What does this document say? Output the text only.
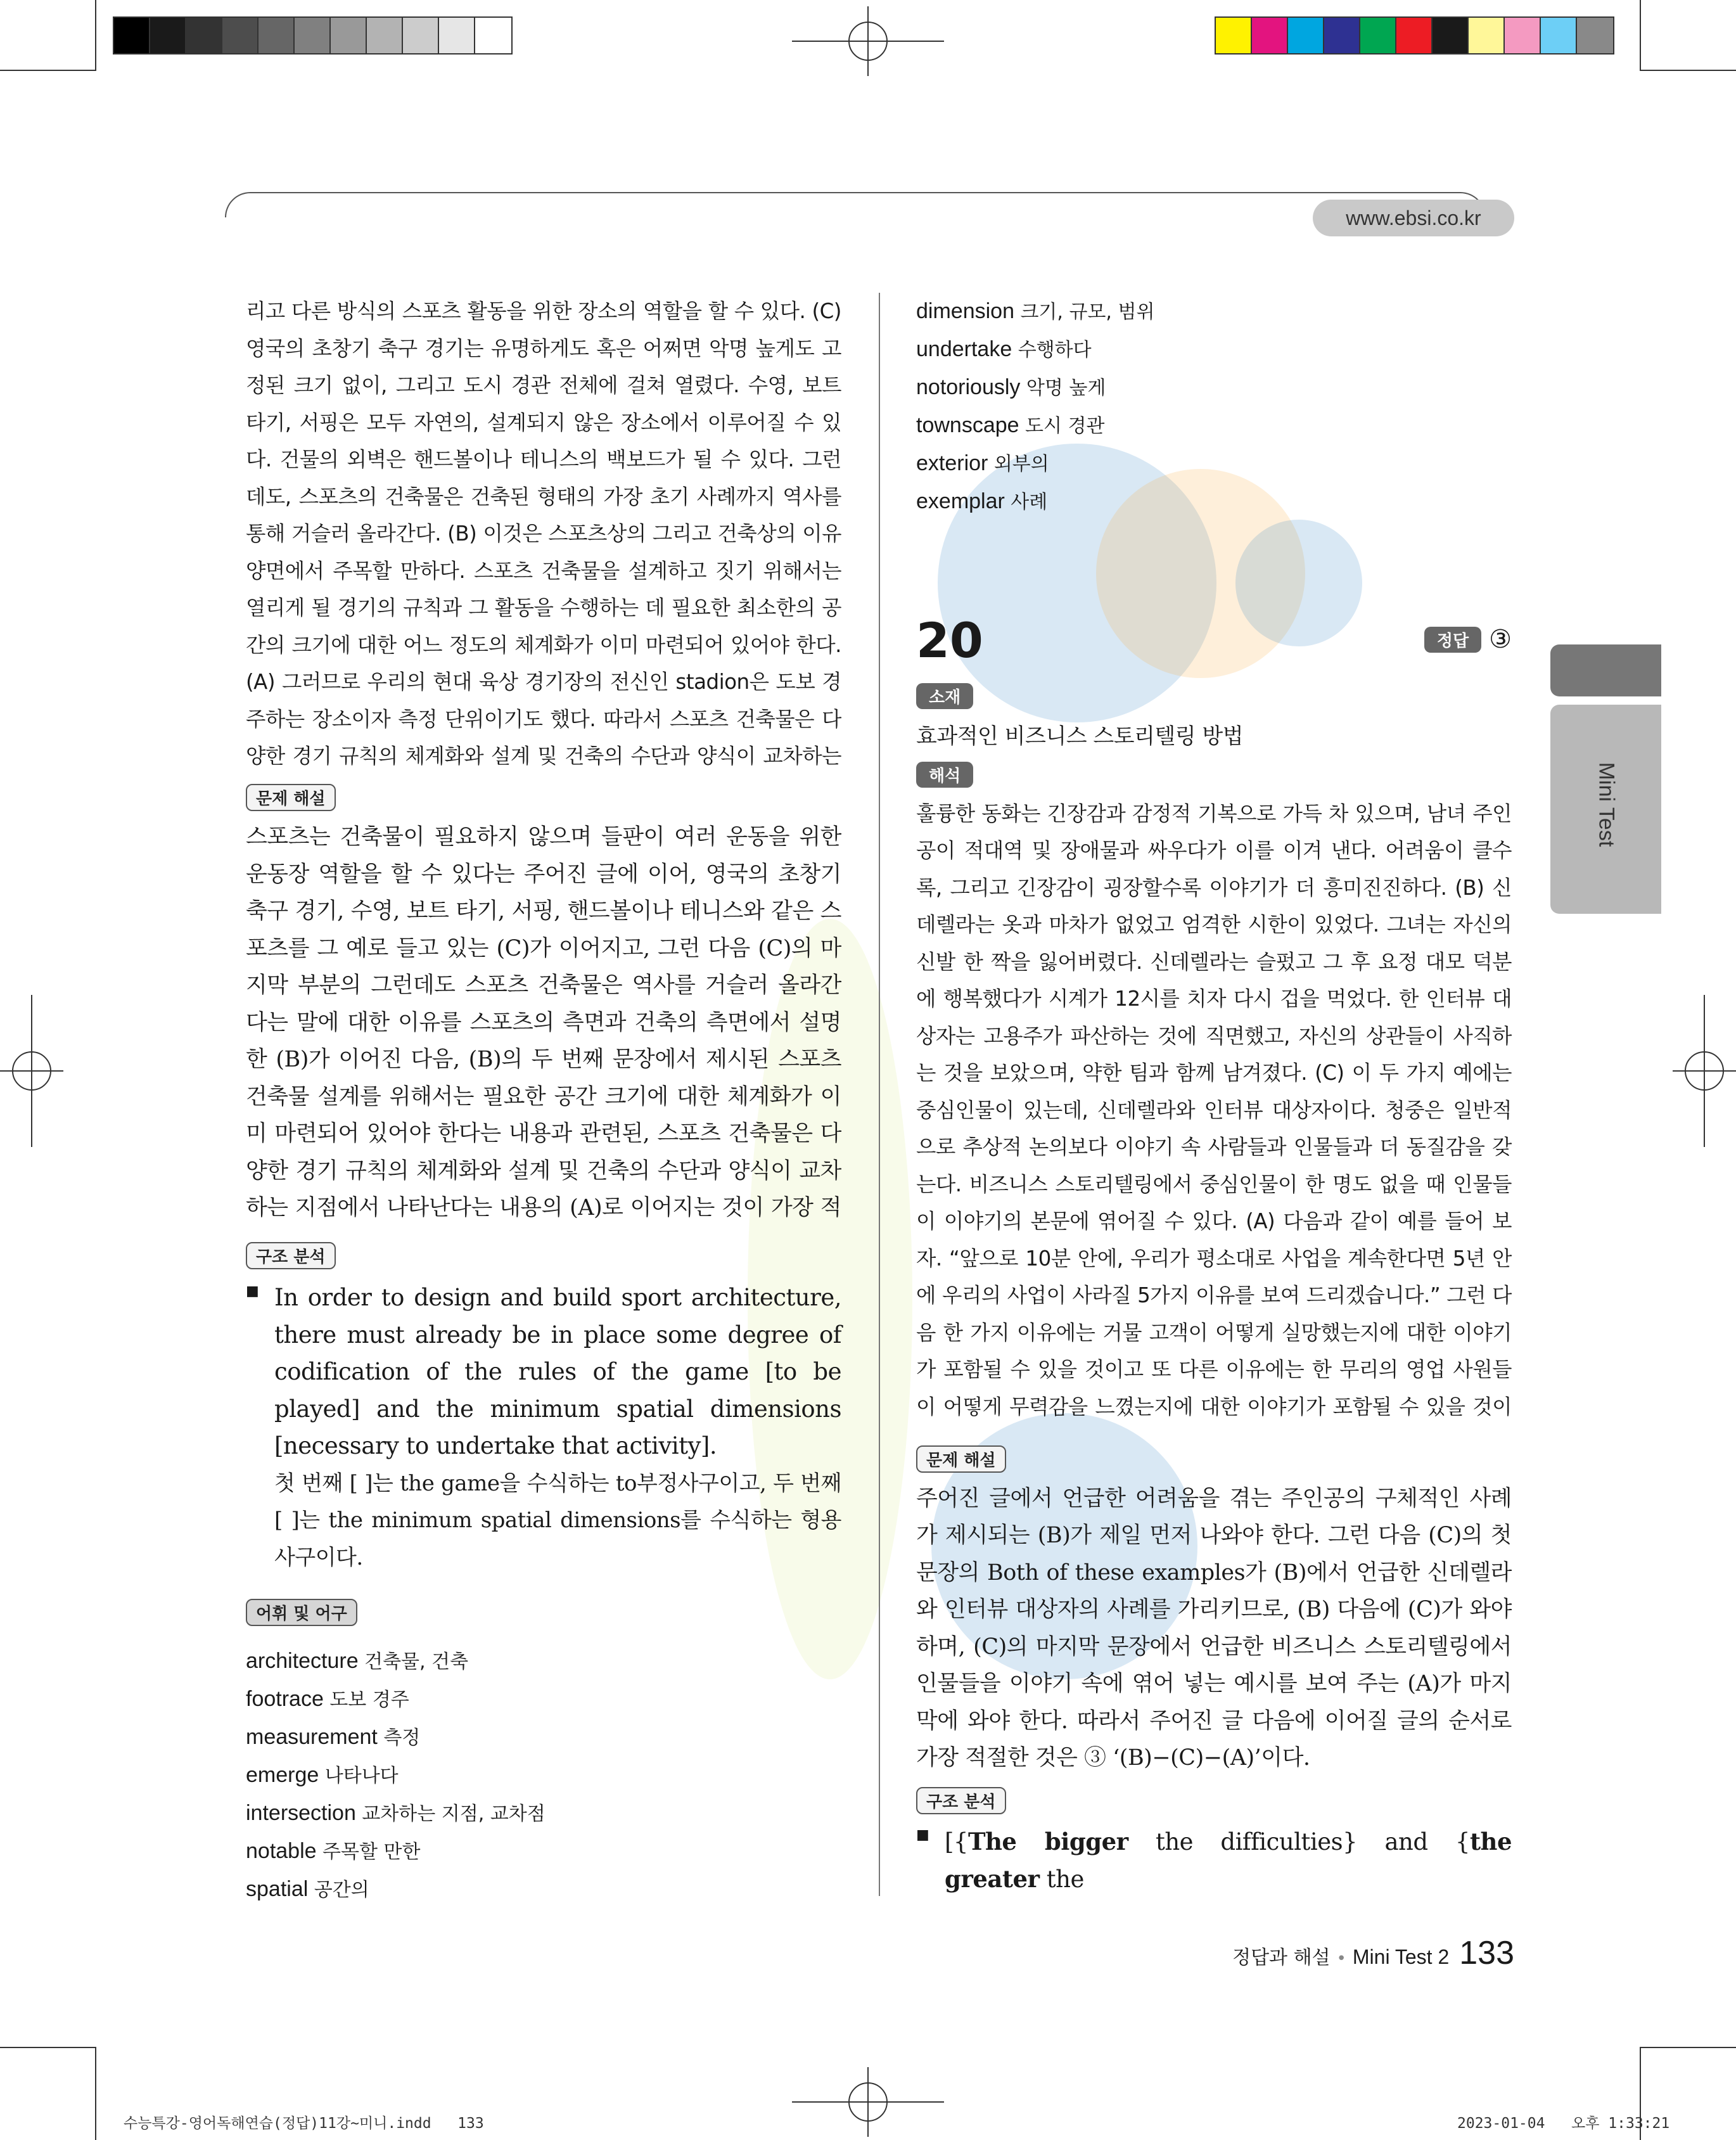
www.ebsi.co.kr

리고 다른 방식의 스포츠 활동을 위한 장소의 역할을 할 수 있다. (C) 영국의 초창기 축구 경기는 유명하게도 혹은 어쩌면 악명 높게도 고정된 크기 없이, 그리고 도시 경관 전체에 걸쳐 열렸다. 수영, 보트 타기, 서핑은 모두 자연의, 설계되지 않은 장소에서 이루어질 수 있다. 건물의 외벽은 핸드볼이나 테니스의 백보드가 될 수 있다. 그런데도, 스포츠의 건축물은 건축된 형태의 가장 초기 사례까지 역사를 통해 거슬러 올라간다. (B) 이것은 스포츠상의 그리고 건축상의 이유 양면에서 주목할 만하다. 스포츠 건축물을 설계하고 짓기 위해서는 열리게 될 경기의 규칙과 그 활동을 수행하는 데 필요한 최소한의 공간의 크기에 대한 어느 정도의 체계화가 이미 마련되어 있어야 한다. (A) 그러므로 우리의 현대 육상 경기장의 전신인 stadion은 도보 경주하는 장소이자 측정 단위이기도 했다. 따라서 스포츠 건축물은 다양한 경기 규칙의 체계화와 설계 및 건축의 수단과 양식이 교차하는

문제 해설

스포츠는 건축물이 필요하지 않으며 들판이 여러 운동을 위한 운동장 역할을 할 수 있다는 주어진 글에 이어, 영국의 초창기 축구 경기, 수영, 보트 타기, 서핑, 핸드볼이나 테니스와 같은 스포츠를 그 예로 들고 있는 (C)가 이어지고, 그런 다음 (C)의 마지막 부분의 그런데도 스포츠 건축물은 역사를 거슬러 올라간다는 말에 대한 이유를 스포츠의 측면과 건축의 측면에서 설명한 (B)가 이어진 다음, (B)의 두 번째 문장에서 제시된 스포츠 건축물 설계를 위해서는 필요한 공간 크기에 대한 체계화가 이미 마련되어 있어야 한다는 내용과 관련된, 스포츠 건축물은 다양한 경기 규칙의 체계화와 설계 및 건축의 수단과 양식이 교차하는 지점에서 나타난다는 내용의 (A)로 이어지는 것이 가장 적

구조 분석
■ In order to design and build sport architecture, there must already be in place some degree of codification of the rules of the game [to be played] and the minimum spatial dimensions [necessary to undertake that activity].

첫 번째 [ ]는 the game을 수식하는 to부정사구이고, 두 번째 [ ]는 the minimum spatial dimensions를 수식하는 형용사구이다.

어휘 및 어구

architecture 건축물, 건축

footrace 도보 경주

measurement 측정

emerge 나타나다

intersection 교차하는 지점, 교차점

notable 주목할 만한

spatial 공간의

dimension 크기, 규모, 범위

undertake 수행하다

notoriously 악명 높게

townscape 도시 경관

exterior 외부의

exemplar 사례

20	정답 ③
소재

효과적인 비즈니스 스토리텔링 방법

해석

훌륭한 동화는 긴장감과 감정적 기복으로 가득 차 있으며, 남녀 주인공이 적대역 및 장애물과 싸우다가 이를 이겨 낸다. 어려움이 클수록, 그리고 긴장감이 굉장할수록 이야기가 더 흥미진진하다. (B) 신데렐라는 옷과 마차가 없었고 엄격한 시한이 있었다. 그녀는 자신의 신발 한 짝을 잃어버렸다. 신데렐라는 슬펐고 그 후 요정 대모 덕분에 행복했다가 시계가 12시를 치자 다시 겁을 먹었다. 한 인터뷰 대상자는 고용주가 파산하는 것에 직면했고, 자신의 상관들이 사직하는 것을 보았으며, 약한 팀과 함께 남겨졌다. (C) 이 두 가지 예에는 중심인물이 있는데, 신데렐라와 인터뷰 대상자이다. 청중은 일반적으로 추상적 논의보다 이야기 속 사람들과 인물들과 더 동질감을 갖는다. 비즈니스 스토리텔링에서 중심인물이 한 명도 없을 때 인물들이 이야기의 본문에 엮어질 수 있다. (A) 다음과 같이 예를 들어 보자. “앞으로 10분 안에, 우리가 평소대로 사업을 계속한다면 5년 안에 우리의 사업이 사라질 5가지 이유를 보여 드리겠습니다.” 그런 다음 한 가지 이유에는 거물 고객이 어떻게 실망했는지에 대한 이야기가 포함될 수 있을 것이고 또 다른 이유에는 한 무리의 영업 사원들이 어떻게 무력감을 느꼈는지에 대한 이야기가 포함될 수 있을 것이

문제 해설

주어진 글에서 언급한 어려움을 겪는 주인공의 구체적인 사례가 제시되는 (B)가 제일 먼저 나와야 한다. 그런 다음 (C)의 첫 문장의 Both of these examples가 (B)에서 언급한 신데렐라와 인터뷰 대상자의 사례를 가리키므로, (B) 다음에 (C)가 와야 하며, (C)의 마지막 문장에서 언급한 비즈니스 스토리텔링에서 인물들을 이야기 속에 엮어 넣는 예시를 보여 주는 (A)가 마지막에 와야 한다. 따라서 주어진 글 다음에 이어질 글의 순서로 가장 적절한 것은 ③ ‘(B)−(C)−(A)’이다.

구조 분석
■ [{The bigger the difficulties} and {the greater the

Mini Test
정답과 해설 • Mini Test 2 133
수능특강-영어독해연습(정답)11강~미니.indd   133	2023-01-04   오후 1:33:21
